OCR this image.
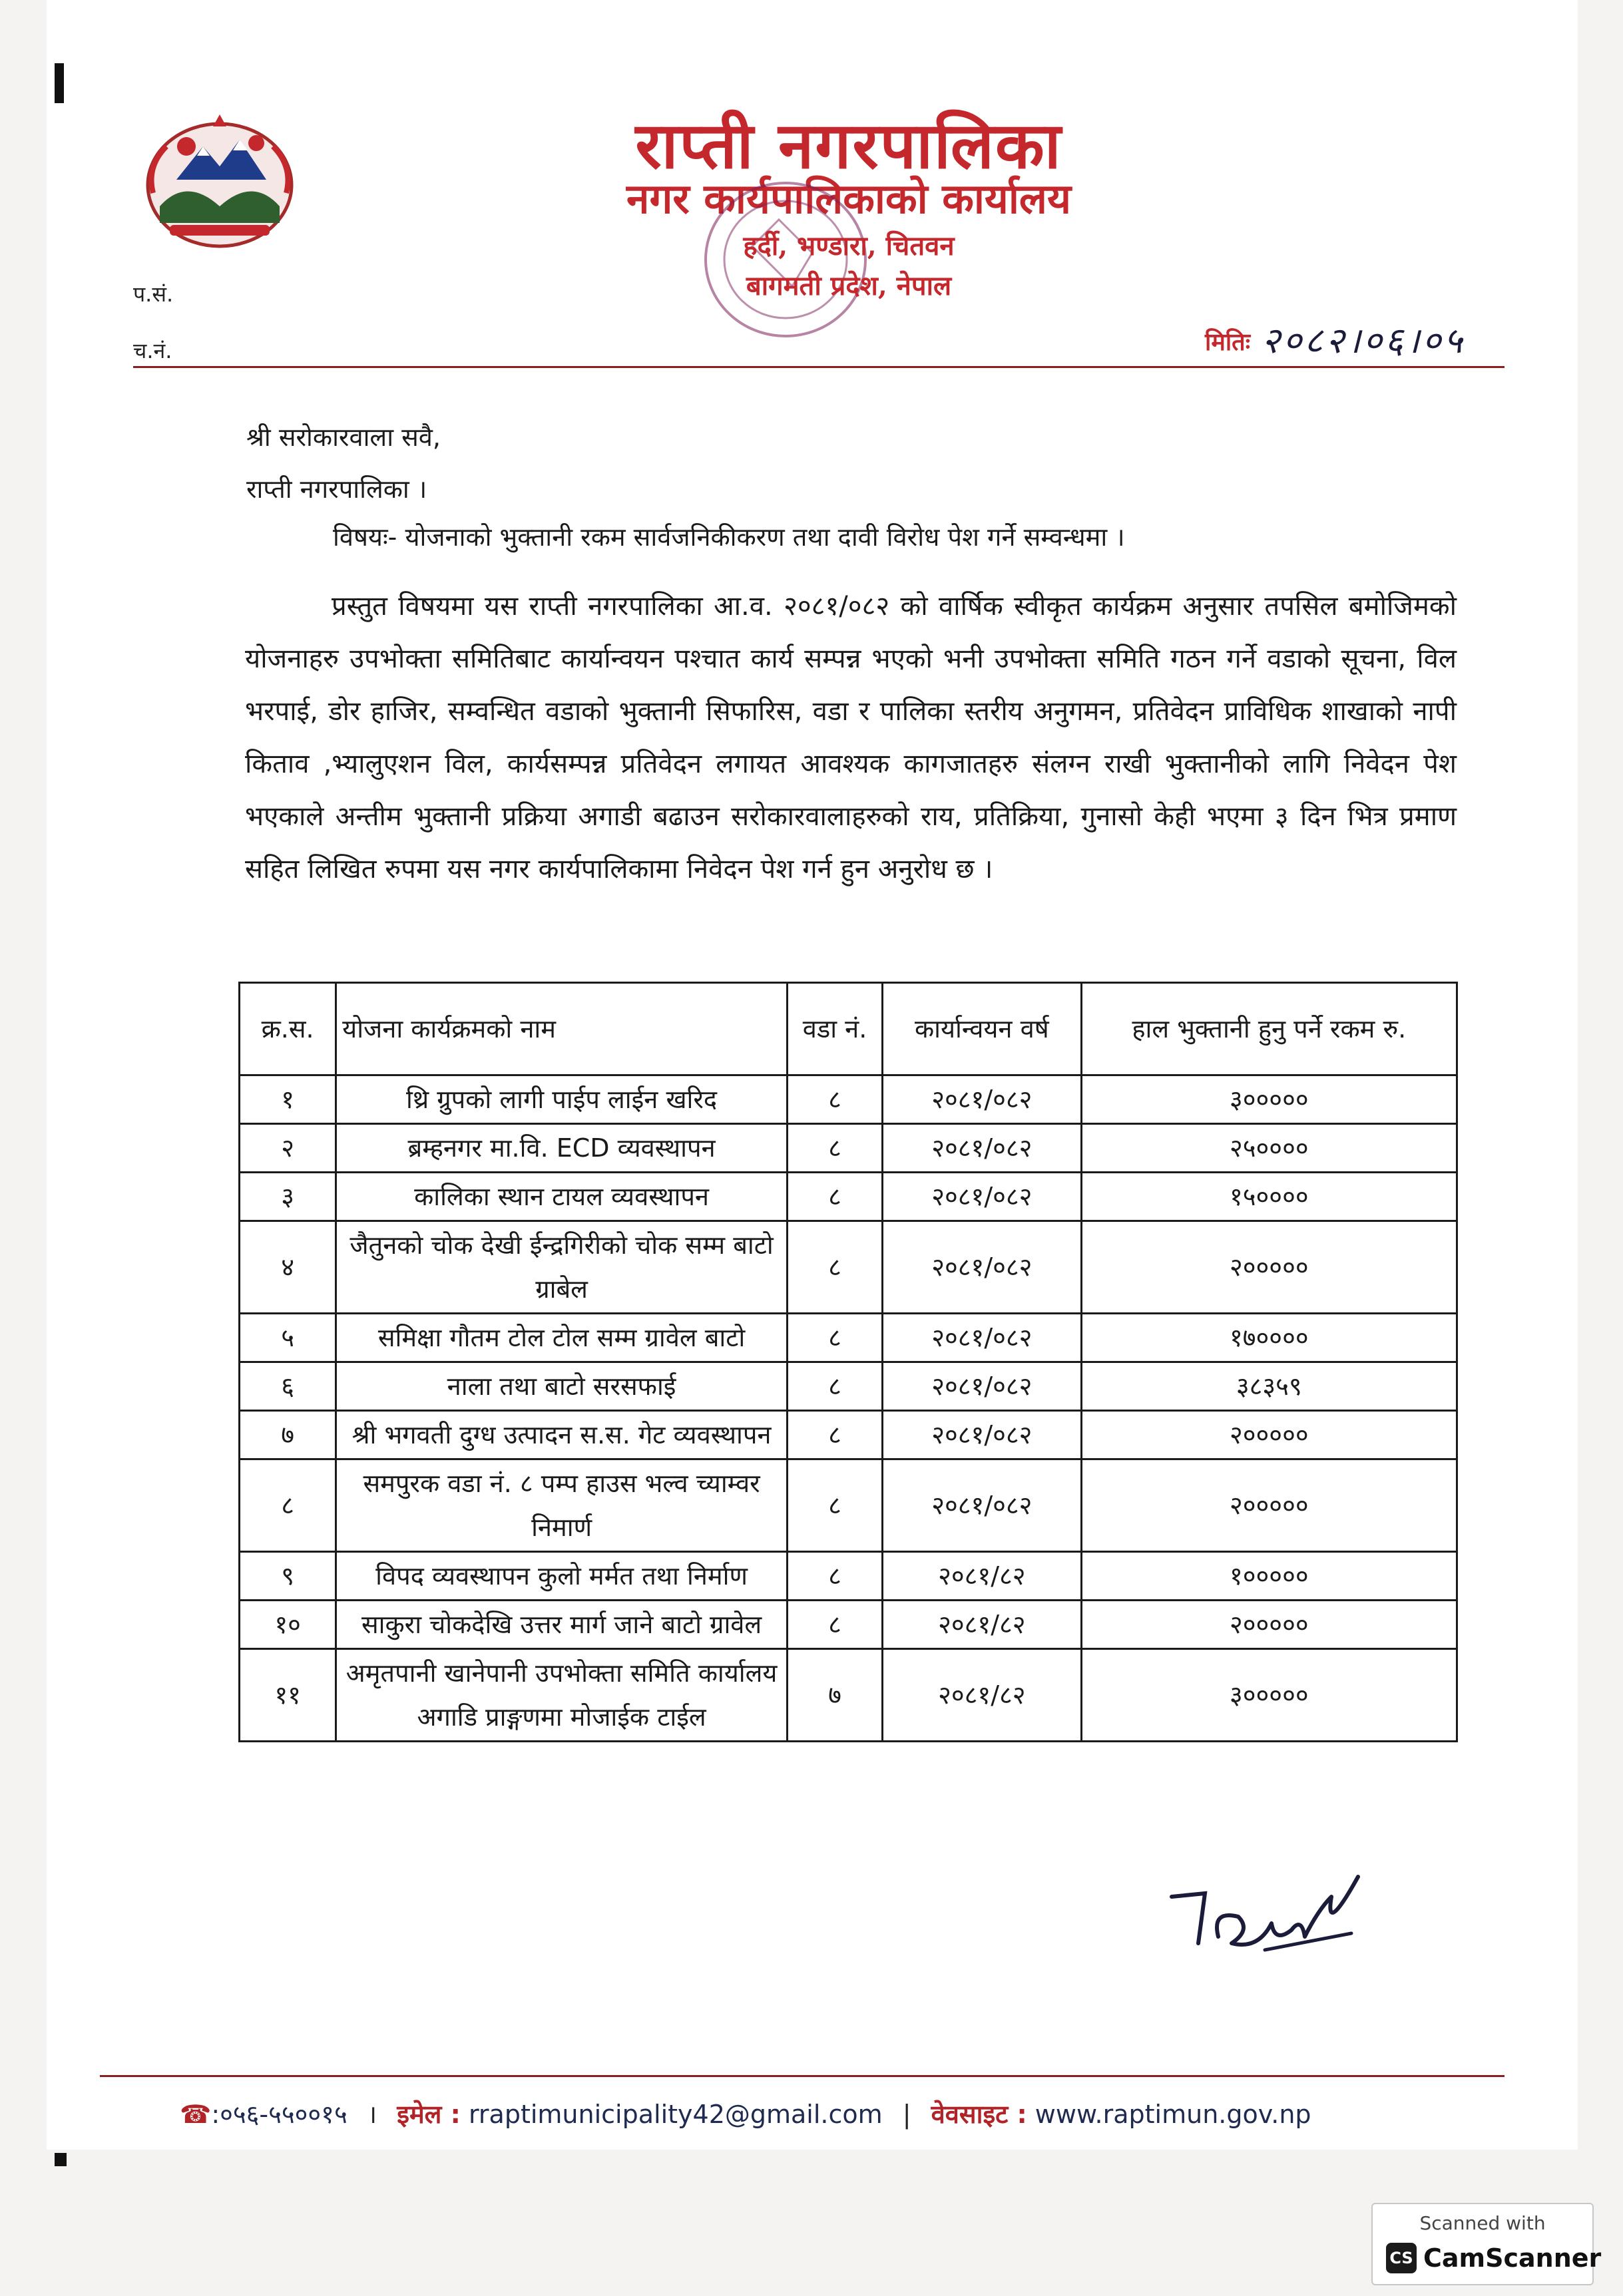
राप्ती नगरपालिका
नगर कार्यपालिकाको कार्यालय
हर्दी, भण्डारा, चितवन
बागमती प्रदेश, नेपाल
प.सं.
च.नं.	मितिः २०८२।०६।०५
श्री सरोकारवाला सवै,
राप्ती नगरपालिका ।
विषयः- योजनाको भुक्तानी रकम सार्वजनिकीकरण तथा दावी विरोध पेश गर्ने सम्वन्धमा ।
प्रस्तुत विषयमा यस राप्ती नगरपालिका आ.व. २०८१/०८२ को वार्षिक स्वीकृत कार्यक्रम अनुसार तपसिल बमोजिमको योजनाहरु उपभोक्ता समितिबाट कार्यान्वयन पश्चात कार्य सम्पन्न भएको भनी उपभोक्ता समिति गठन गर्ने वडाको सूचना, विल भरपाई, डोर हाजिर, सम्वन्धित वडाको भुक्तानी सिफारिस, वडा र पालिका स्तरीय अनुगमन, प्रतिवेदन प्राविधिक शाखाको नापी किताव ,भ्यालुएशन विल, कार्यसम्पन्न प्रतिवेदन लगायत आवश्यक कागजातहरु संलग्न राखी भुक्तानीको लागि निवेदन पेश भएकाले अन्तीम भुक्तानी प्रक्रिया अगाडी बढाउन सरोकारवालाहरुको राय, प्रतिक्रिया, गुनासो केही भएमा ३ दिन भित्र प्रमाण सहित लिखित रुपमा यस नगर कार्यपालिकामा निवेदन पेश गर्न हुन अनुरोध छ ।
क्र.स.	योजना कार्यक्रमको नाम	वडा नं.	कार्यान्वयन वर्ष	हाल भुक्तानी हुनु पर्ने रकम रु.
१	थ्रि ग्रुपको लागी पाईप लाईन खरिद	८	२०८१/०८२	३०००००
२	ब्रम्हनगर मा.वि. ECD व्यवस्थापन	८	२०८१/०८२	२५००००
३	कालिका स्थान टायल व्यवस्थापन	८	२०८१/०८२	१५००००
४	जैतुनको चोक देखी ईन्द्रगिरीको चोक सम्म बाटो ग्राबेल	८	२०८१/०८२	२०००००
५	समिक्षा गौतम टोल टोल सम्म ग्रावेल बाटो	८	२०८१/०८२	१७००००
६	नाला तथा बाटो सरसफाई	८	२०८१/०८२	३८३५९
७	श्री भगवती दुग्ध उत्पादन स.स. गेट व्यवस्थापन	८	२०८१/०८२	२०००००
८	समपुरक वडा नं. ८ पम्प हाउस भल्व च्याम्वर निमार्ण	८	२०८१/०८२	२०००००
९	विपद व्यवस्थापन कुलो मर्मत तथा निर्माण	८	२०८१/८२	१०००००
१०	साकुरा चोकदेखि उत्तर मार्ग जाने बाटो ग्रावेल	८	२०८१/८२	२०००००
११	अमृतपानी खानेपानी उपभोक्ता समिति कार्यालय अगाडि प्राङ्गणमा मोजाईक टाईल	७	२०८१/८२	३०००००
☎:०५६-५५००१५ । इमेल : rraptimunicipality42@gmail.com | वेवसाइट : www.raptimun.gov.np
Scanned with
CS CamScanner
